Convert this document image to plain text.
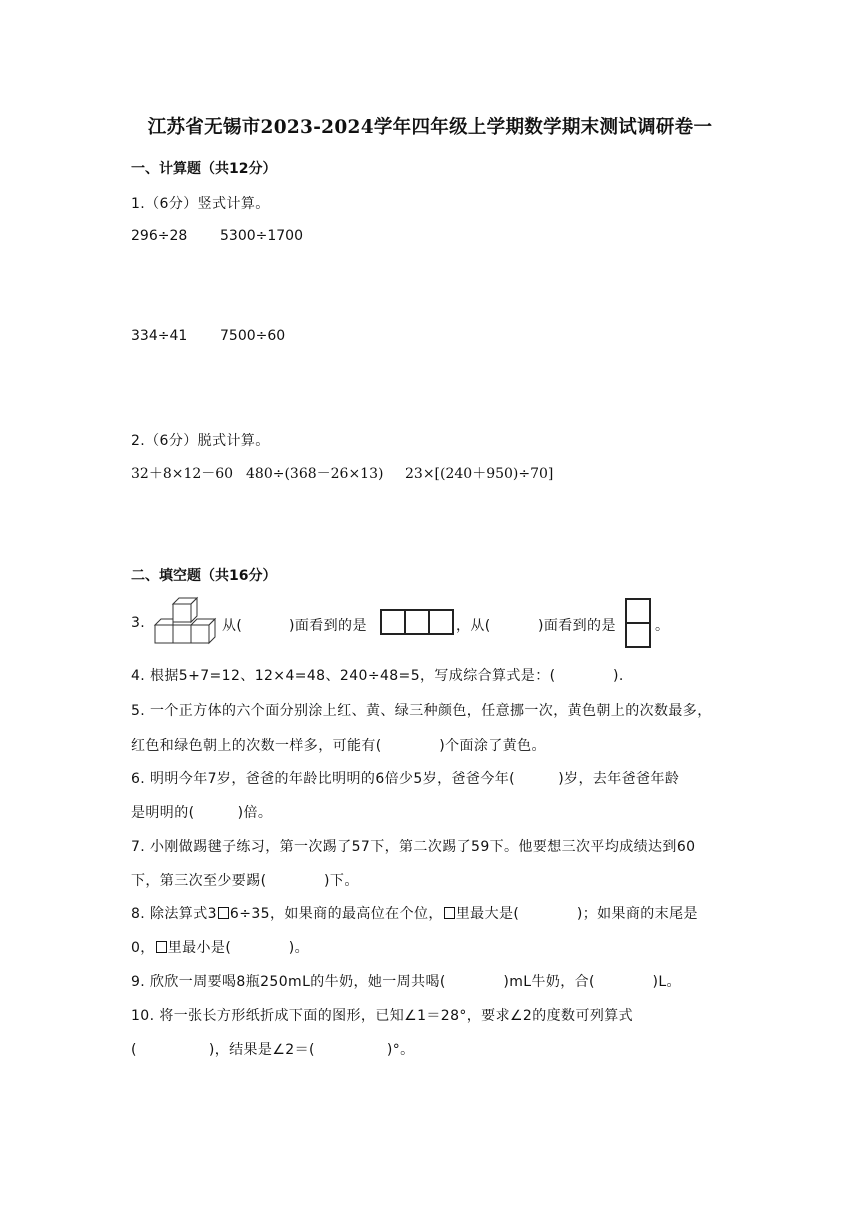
江苏省无锡市2023-2024学年四年级上学期数学期末测试调研卷一
一、计算题（共12分）
1.（6分）竖式计算。
296÷28 5300÷1700
334÷41 7500÷60
2.（6分）脱式计算。
32＋8×12－60 480÷(368－26×13) 23×[(240＋950)÷70]
二、填空题（共16分）
3.	从(	)面看到的是	，从(	)面看到的是	。
4. 根据5+7=12、12×4=48、240÷48=5，写成综合算式是：(　　　　).
5. 一个正方体的六个面分别涂上红、黄、绿三种颜色，任意挪一次，黄色朝上的次数最多，
红色和绿色朝上的次数一样多，可能有(　　　　)个面涂了黄色。
6. 明明今年7岁，爸爸的年龄比明明的6倍少5岁，爸爸今年(　　　)岁，去年爸爸年龄
是明明的(　　　)倍。
7. 小刚做踢毽子练习，第一次踢了57下，第二次踢了59下。他要想三次平均成绩达到60
下，第三次至少要踢(　　　　)下。
8. 除法算式3 6÷35，如果商的最高位在个位， 里最大是(　　　　)；如果商的末尾是
0， 里最小是(　　　　)。
9. 欣欣一周要喝8瓶250mL的牛奶，她一周共喝(　　　　)mL牛奶，合(　　　　)L。
10. 将一张长方形纸折成下面的图形，已知∠1＝28°，要求∠2的度数可列算式
(　　　　　)，结果是∠2＝(　　　　　)°。
